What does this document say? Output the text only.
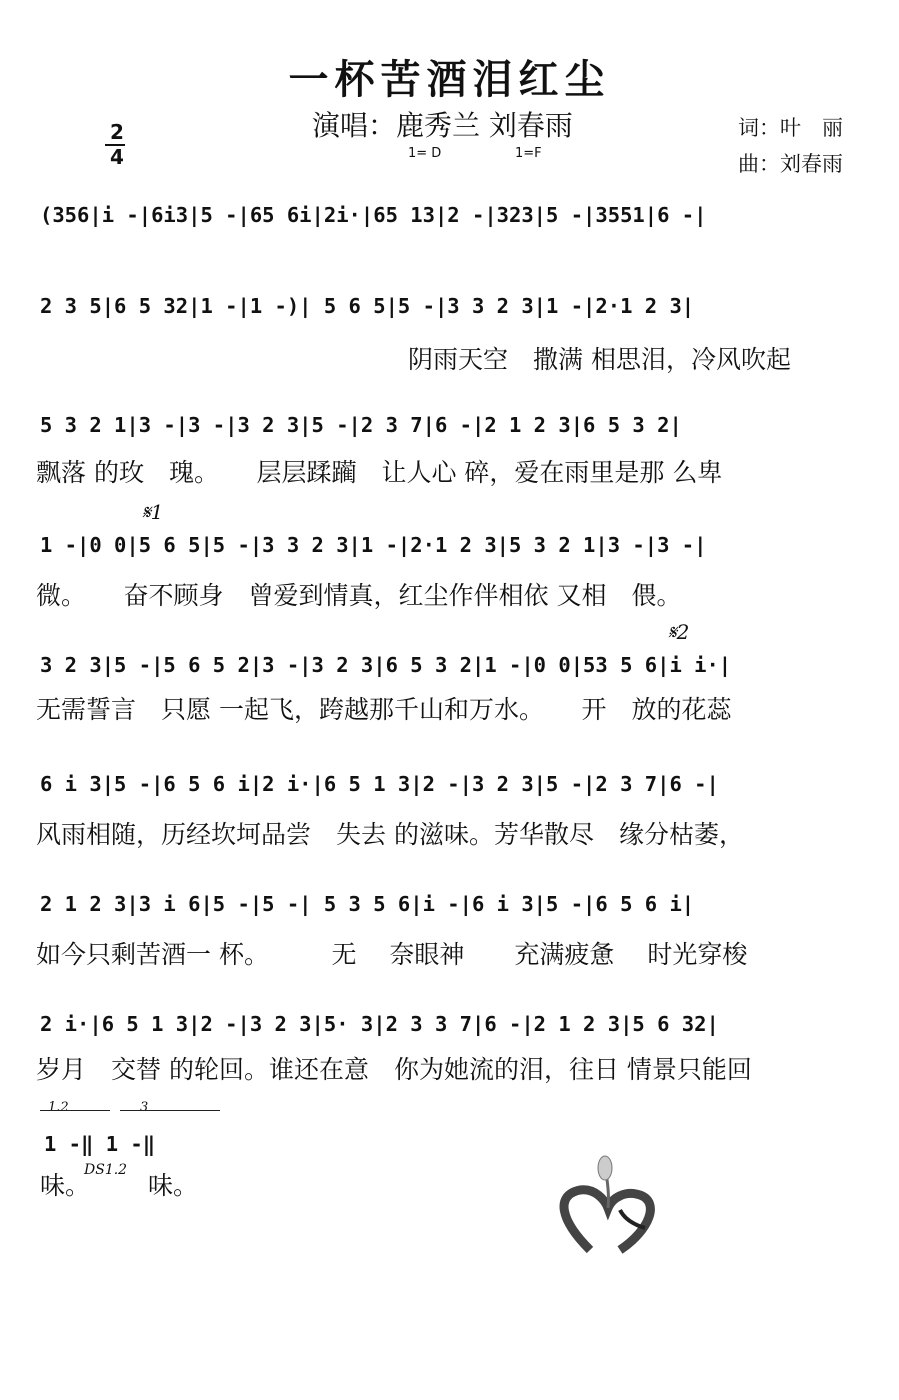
一杯苦酒泪红尘
演唱：鹿秀兰 刘春雨	词：叶　丽
曲：刘春雨
1= D	1=F
2
4
(356|i -|6i3|5 -|65 6i|2i·|65 13|2 -|323|5 -|3551|6 -|
2 3 5|6 5 32|1 -|1 -)| 5 6 5|5 -|3 3 2 3|1 -|2·1 2 3|
阴雨天空　撒满 相思泪，冷风吹起
5 3 2 1|3 -|3 -|3 2 3|5 -|2 3 7|6 -|2 1 2 3|6 5 3 2|
飘落 的玫　瑰。　　层层蹂躏　让人心 碎，爱在雨里是那 么卑
𝄋1
1 -|0 0|5 6 5|5 -|3 3 2 3|1 -|2·1 2 3|5 3 2 1|3 -|3 -|
微。　　奋不顾身　曾爱到情真，红尘作伴相依 又相　偎。
𝄋2
3 2 3|5 -|5 6 5 2|3 -|3 2 3|6 5 3 2|1 -|0 0|53 5 6|i i·|
无需誓言　只愿 一起飞，跨越那千山和万水。　　开　放的花蕊
6 i 3|5 -|6 5 6 i|2 i·|6 5 1 3|2 -|3 2 3|5 -|2 3 7|6 -|
风雨相随，历经坎坷品尝　失去 的滋味。芳华散尽　缘分枯萎，
2 1 2 3|3 i 6|5 -|5 -| 5 3 5 6|i -|6 i 3|5 -|6 5 6 i|
如今只剩苦酒一 杯。　　　无　 奈眼神　　充满疲惫　 时光穿梭
2 i·|6 5 1 3|2 -|3 2 3|5· 3|2 3 3 7|6 -|2 1 2 3|5 6 32|
岁月　交替 的轮回。谁还在意　你为她流的泪，往日 情景只能回
1.2	3
1 -‖ 1 -‖
味。
DS1.2
味。
